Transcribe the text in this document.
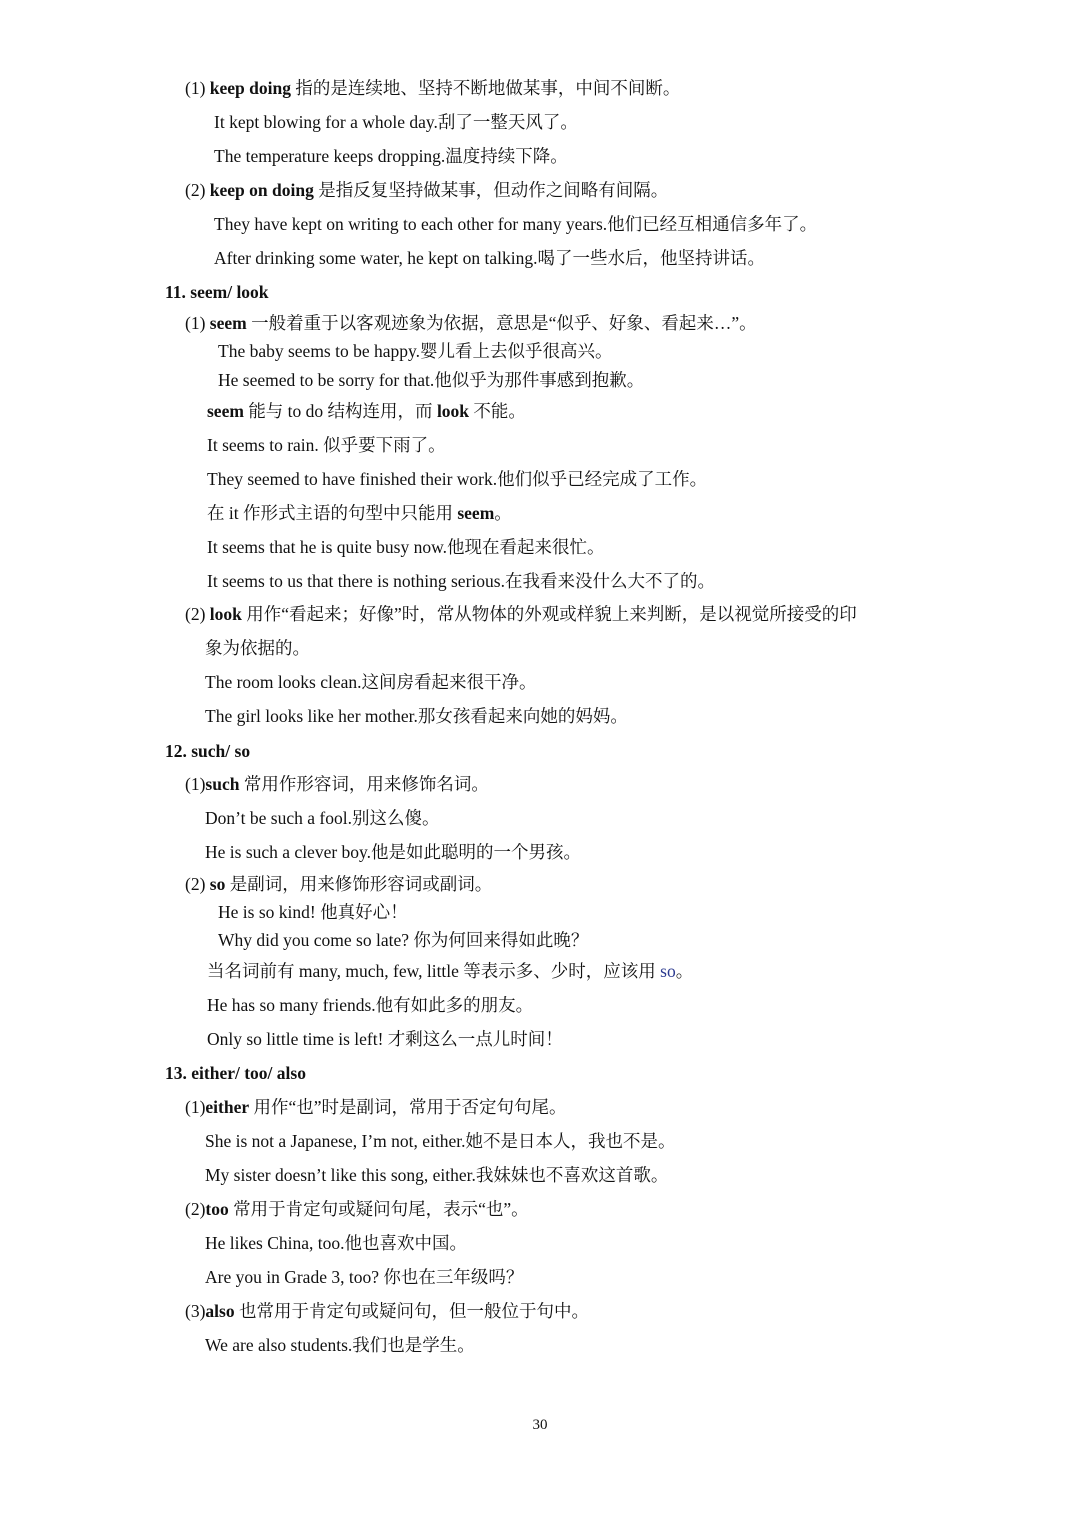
(1) keep doing 指的是连续地、坚持不断地做某事，中间不间断。
It kept blowing for a whole day.刮了一整天风了。
The temperature keeps dropping.温度持续下降。
(2) keep on doing 是指反复坚持做某事，但动作之间略有间隔。
They have kept on writing to each other for many years.他们已经互相通信多年了。
After drinking some water, he kept on talking.喝了一些水后，他坚持讲话。
11. seem/ look
(1) seem 一般着重于以客观迹象为依据，意思是“似乎、好象、看起来…”。
The baby seems to be happy.婴儿看上去似乎很高兴。
He seemed to be sorry for that.他似乎为那件事感到抱歉。
seem 能与 to do 结构连用，而 look 不能。
It seems to rain. 似乎要下雨了。
They seemed to have finished their work.他们似乎已经完成了工作。
在 it 作形式主语的句型中只能用 seem。
It seems that he is quite busy now.他现在看起来很忙。
It seems to us that there is nothing serious.在我看来没什么大不了的。
(2) look 用作“看起来；好像”时，常从物体的外观或样貌上来判断，是以视觉所接受的印
象为依据的。
The room looks clean.这间房看起来很干净。
The girl looks like her mother.那女孩看起来向她的妈妈。
12. such/ so
(1)such 常用作形容词，用来修饰名词。
Don’t be such a fool.别这么傻。
He is such a clever boy.他是如此聪明的一个男孩。
(2) so 是副词，用来修饰形容词或副词。
He is so kind! 他真好心！
Why did you come so late? 你为何回来得如此晚？
当名词前有 many, much, few, little 等表示多、少时，应该用 so。
He has so many friends.他有如此多的朋友。
Only so little time is left! 才剩这么一点儿时间！
13. either/ too/ also
(1)either 用作“也”时是副词，常用于否定句句尾。
She is not a Japanese, I’m not, either.她不是日本人，我也不是。
My sister doesn’t like this song, either.我妹妹也不喜欢这首歌。
(2)too 常用于肯定句或疑问句尾，表示“也”。
He likes China, too.他也喜欢中国。
Are you in Grade 3, too? 你也在三年级吗？
(3)also 也常用于肯定句或疑问句，但一般位于句中。
We are also students.我们也是学生。
30
